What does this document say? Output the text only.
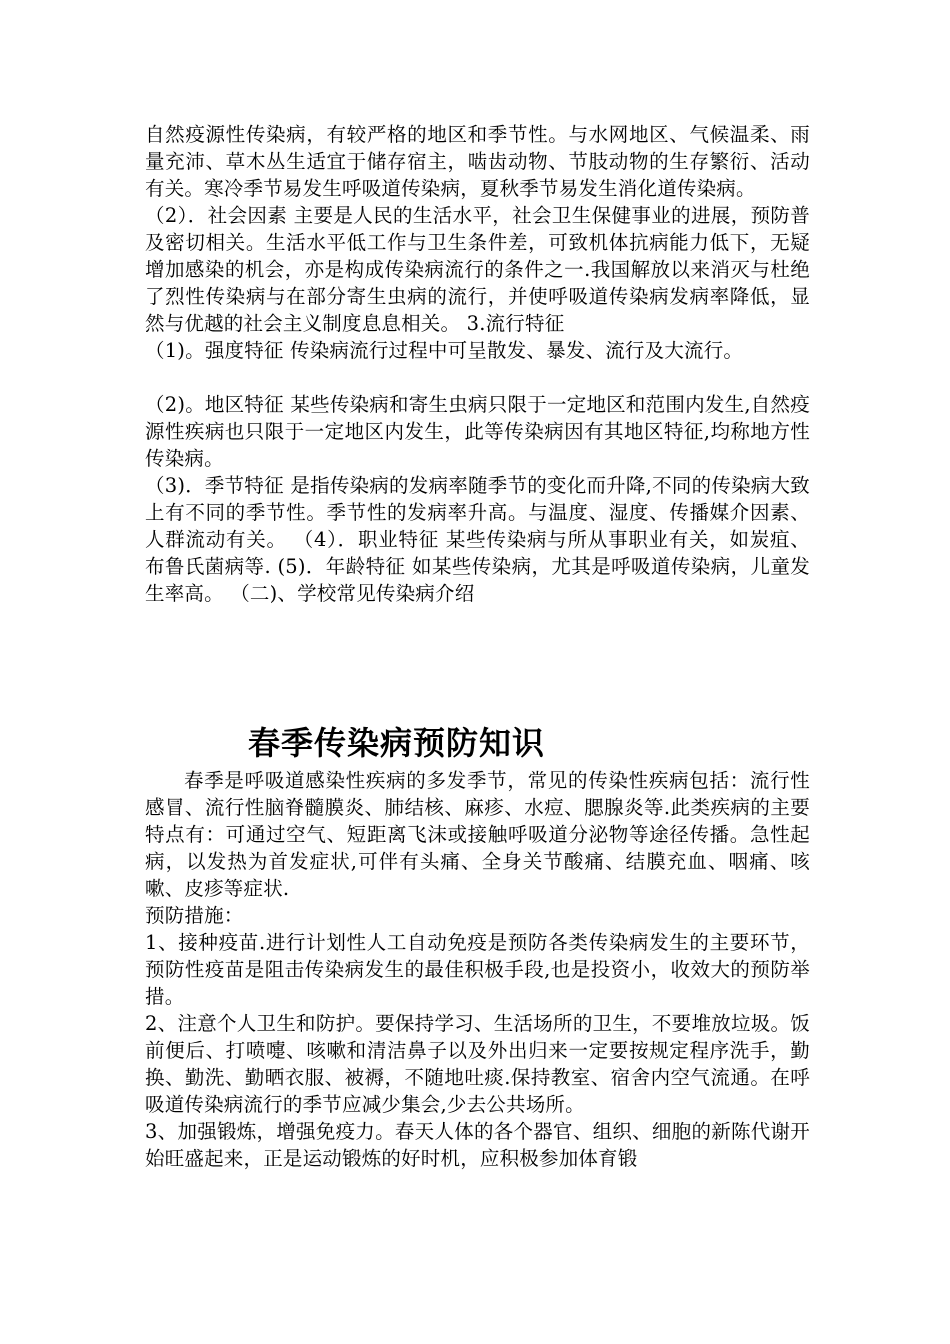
自然疫源性传染病，有较严格的地区和季节性。与水网地区、气候温柔、雨量充沛、草木丛生适宜于储存宿主，啮齿动物、节肢动物的生存繁衍、活动有关。寒冷季节易发生呼吸道传染病，夏秋季节易发生消化道传染病。

（2）．社会因素 主要是人民的生活水平，社会卫生保健事业的进展，预防普及密切相关。生活水平低工作与卫生条件差，可致机体抗病能力低下，无疑增加感染的机会，亦是构成传染病流行的条件之一.我国解放以来消灭与杜绝了烈性传染病与在部分寄生虫病的流行，并使呼吸道传染病发病率降低，显然与优越的社会主义制度息息相关。 3.流行特征

（1)。强度特征 传染病流行过程中可呈散发、暴发、流行及大流行。

（2)。地区特征 某些传染病和寄生虫病只限于一定地区和范围内发生,自然疫源性疾病也只限于一定地区内发生，此等传染病因有其地区特征,均称地方性传染病。

（3)．季节特征 是指传染病的发病率随季节的变化而升降,不同的传染病大致上有不同的季节性。季节性的发病率升高。与温度、湿度、传播媒介因素、人群流动有关。 （4）．职业特征 某些传染病与所从事职业有关，如炭疽、布鲁氏菌病等. (5)．年龄特征 如某些传染病，尤其是呼吸道传染病，儿童发生率高。 （二)、学校常见传染病介绍

春季传染病预防知识

春季是呼吸道感染性疾病的多发季节，常见的传染性疾病包括：流行性感冒、流行性脑脊髓膜炎、肺结核、麻疹、水痘、腮腺炎等.此类疾病的主要特点有：可通过空气、短距离飞沫或接触呼吸道分泌物等途径传播。急性起病，以发热为首发症状,可伴有头痛、全身关节酸痛、结膜充血、咽痛、咳嗽、皮疹等症状.

预防措施：

1、接种疫苗.进行计划性人工自动免疫是预防各类传染病发生的主要环节，预防性疫苗是阻击传染病发生的最佳积极手段,也是投资小，收效大的预防举措。

2、注意个人卫生和防护。要保持学习、生活场所的卫生，不要堆放垃圾。饭前便后、打喷嚏、咳嗽和清洁鼻子以及外出归来一定要按规定程序洗手，勤换、勤洗、勤晒衣服、被褥，不随地吐痰.保持教室、宿舍内空气流通。在呼吸道传染病流行的季节应减少集会,少去公共场所。

3、加强锻炼，增强免疫力。春天人体的各个器官、组织、细胞的新陈代谢开始旺盛起来，正是运动锻炼的好时机，应积极参加体育锻
